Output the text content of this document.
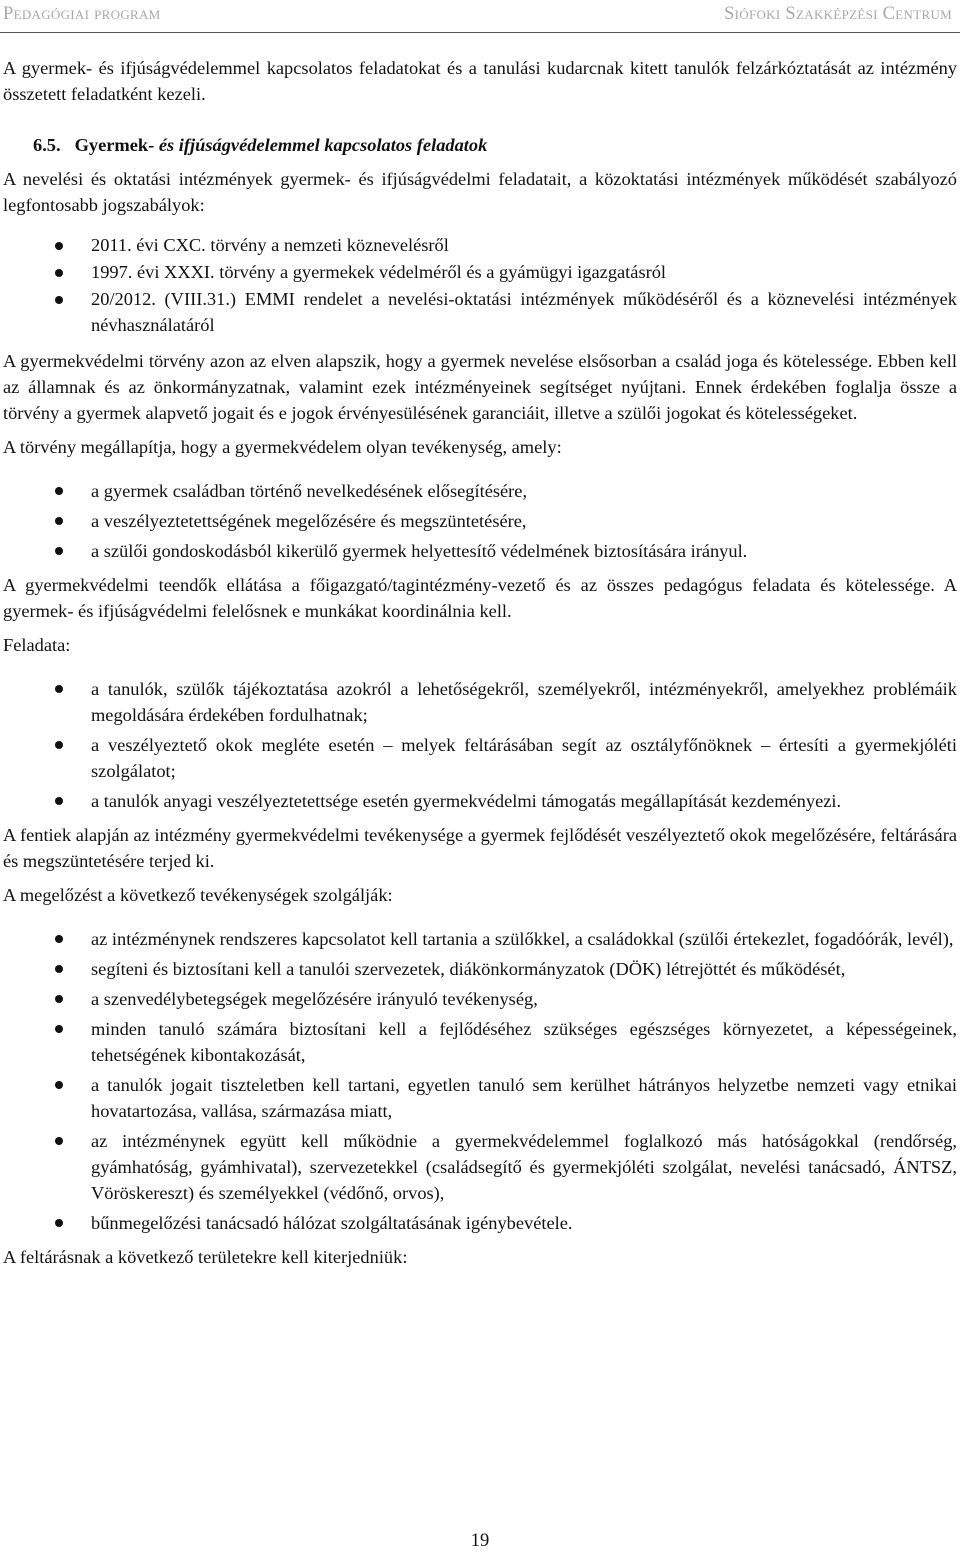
Pedagógiai program	Siófoki Szakképzési Centrum

A gyermek- és ifjúságvédelemmel kapcsolatos feladatokat és a tanulási kudarcnak kitett tanulók felzárkóztatását az intézmény összetett feladatként kezeli.

6.5. Gyermek- és ifjúságvédelemmel kapcsolatos feladatok

A nevelési és oktatási intézmények gyermek- és ifjúságvédelmi feladatait, a közoktatási intézmények működését szabályozó legfontosabb jogszabályok:

2011. évi CXC. törvény a nemzeti köznevelésről
1997. évi XXXI. törvény a gyermekek védelméről és a gyámügyi igazgatásról
20/2012. (VIII.31.) EMMI rendelet a nevelési-oktatási intézmények működéséről és a köznevelési intézmények névhasználatáról

A gyermekvédelmi törvény azon az elven alapszik, hogy a gyermek nevelése elsősorban a család joga és kötelessége. Ebben kell az államnak és az önkormányzatnak, valamint ezek intézményeinek segítséget nyújtani. Ennek érdekében foglalja össze a törvény a gyermek alapvető jogait és e jogok érvényesülésének garanciáit, illetve a szülői jogokat és kötelességeket.

A törvény megállapítja, hogy a gyermekvédelem olyan tevékenység, amely:

a gyermek családban történő nevelkedésének elősegítésére,
a veszélyeztetettségének megelőzésére és megszüntetésére,
a szülői gondoskodásból kikerülő gyermek helyettesítő védelmének biztosítására irányul.

A gyermekvédelmi teendők ellátása a főigazgató/tagintézmény-vezető és az összes pedagógus feladata és kötelessége. A gyermek- és ifjúságvédelmi felelősnek e munkákat koordinálnia kell.

Feladata:

a tanulók, szülők tájékoztatása azokról a lehetőségekről, személyekről, intézményekről, amelyekhez problémáik megoldására érdekében fordulhatnak;
a veszélyeztető okok megléte esetén – melyek feltárásában segít az osztályfőnöknek – értesíti a gyermekjóléti szolgálatot;
a tanulók anyagi veszélyeztetettsége esetén gyermekvédelmi támogatás megállapítását kezdeményezi.

A fentiek alapján az intézmény gyermekvédelmi tevékenysége a gyermek fejlődését veszélyeztető okok megelőzésére, feltárására és megszüntetésére terjed ki.

A megelőzést a következő tevékenységek szolgálják:

az intézménynek rendszeres kapcsolatot kell tartania a szülőkkel, a családokkal (szülői értekezlet, fogadóórák, levél),
segíteni és biztosítani kell a tanulói szervezetek, diákönkormányzatok (DÖK) létrejöttét és működését,
a szenvedélybetegségek megelőzésére irányuló tevékenység,
minden tanuló számára biztosítani kell a fejlődéséhez szükséges egészséges környezetet, a képességeinek, tehetségének kibontakozását,
a tanulók jogait tiszteletben kell tartani, egyetlen tanuló sem kerülhet hátrányos helyzetbe nemzeti vagy etnikai hovatartozása, vallása, származása miatt,
az intézménynek együtt kell működnie a gyermekvédelemmel foglalkozó más hatóságokkal (rendőrség, gyámhatóság, gyámhivatal), szervezetekkel (családsegítő és gyermekjóléti szolgálat, nevelési tanácsadó, ÁNTSZ, Vöröskereszt) és személyekkel (védőnő, orvos),
bűnmegelőzési tanácsadó hálózat szolgáltatásának igénybevétele.

A feltárásnak a következő területekre kell kiterjedniük:

19
